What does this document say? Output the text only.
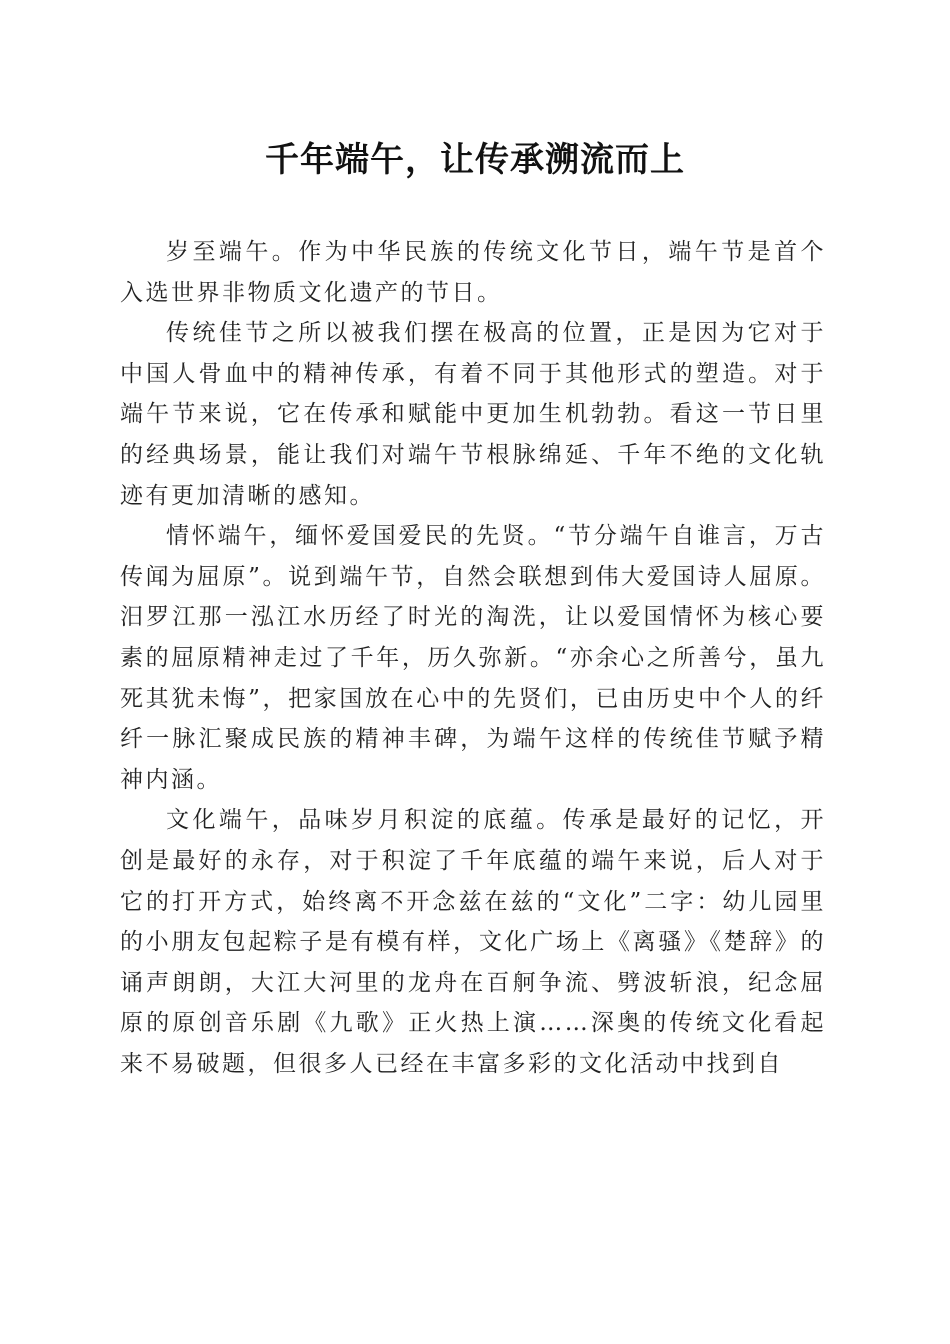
千年端午，让传承溯流而上

岁至端午。作为中华民族的传统文化节日，端午节是首个入选世界非物质文化遗产的节日。

传统佳节之所以被我们摆在极高的位置，正是因为它对于中国人骨血中的精神传承，有着不同于其他形式的塑造。对于端午节来说，它在传承和赋能中更加生机勃勃。看这一节日里的经典场景，能让我们对端午节根脉绵延、千年不绝的文化轨迹有更加清晰的感知。

情怀端午，缅怀爱国爱民的先贤。“节分端午自谁言，万古传闻为屈原”。说到端午节，自然会联想到伟大爱国诗人屈原。汨罗江那一泓江水历经了时光的淘洗，让以爱国情怀为核心要素的屈原精神走过了千年，历久弥新。“亦余心之所善兮，虽九死其犹未悔”，把家国放在心中的先贤们，已由历史中个人的纤纤一脉汇聚成民族的精神丰碑，为端午这样的传统佳节赋予精神内涵。

文化端午，品味岁月积淀的底蕴。传承是最好的记忆，开创是最好的永存，对于积淀了千年底蕴的端午来说，后人对于它的打开方式，始终离不开念兹在兹的“文化”二字：幼儿园里的小朋友包起粽子是有模有样，文化广场上《离骚》《楚辞》的诵声朗朗，大江大河里的龙舟在百舸争流、劈波斩浪，纪念屈原的原创音乐剧《九歌》正火热上演……深奥的传统文化看起来不易破题，但很多人已经在丰富多彩的文化活动中找到自
